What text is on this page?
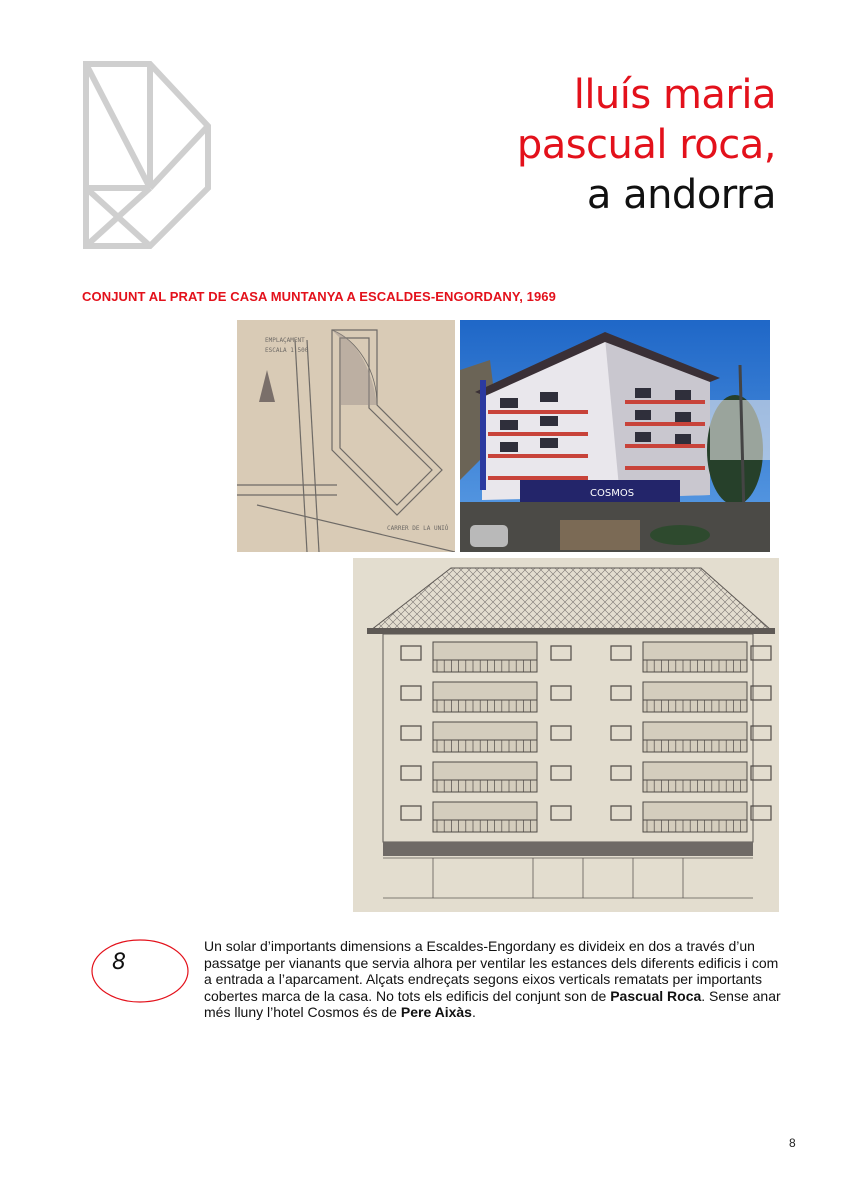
lluís maria
pascual roca,
a andorra
CONJUNT AL PRAT DE CASA MUNTANYA A ESCALDES-ENGORDANY, 1969
EMPLAÇAMENT
ESCALA 1:500
CARRER DE LA UNIÓ
COSMOS
8
Un solar d’importants dimensions a Escaldes-Engordany es divideix en dos a través d’un passatge per vianants que servia alhora per ventilar les estances dels diferents edificis i com a entrada a l’aparcament. Alçats endreçats segons eixos verticals rematats per importants cobertes marca de la casa. No tots els edificis del conjunt son de Pascual Roca. Sense anar més lluny l’hotel Cosmos és de Pere Aixàs.
8
